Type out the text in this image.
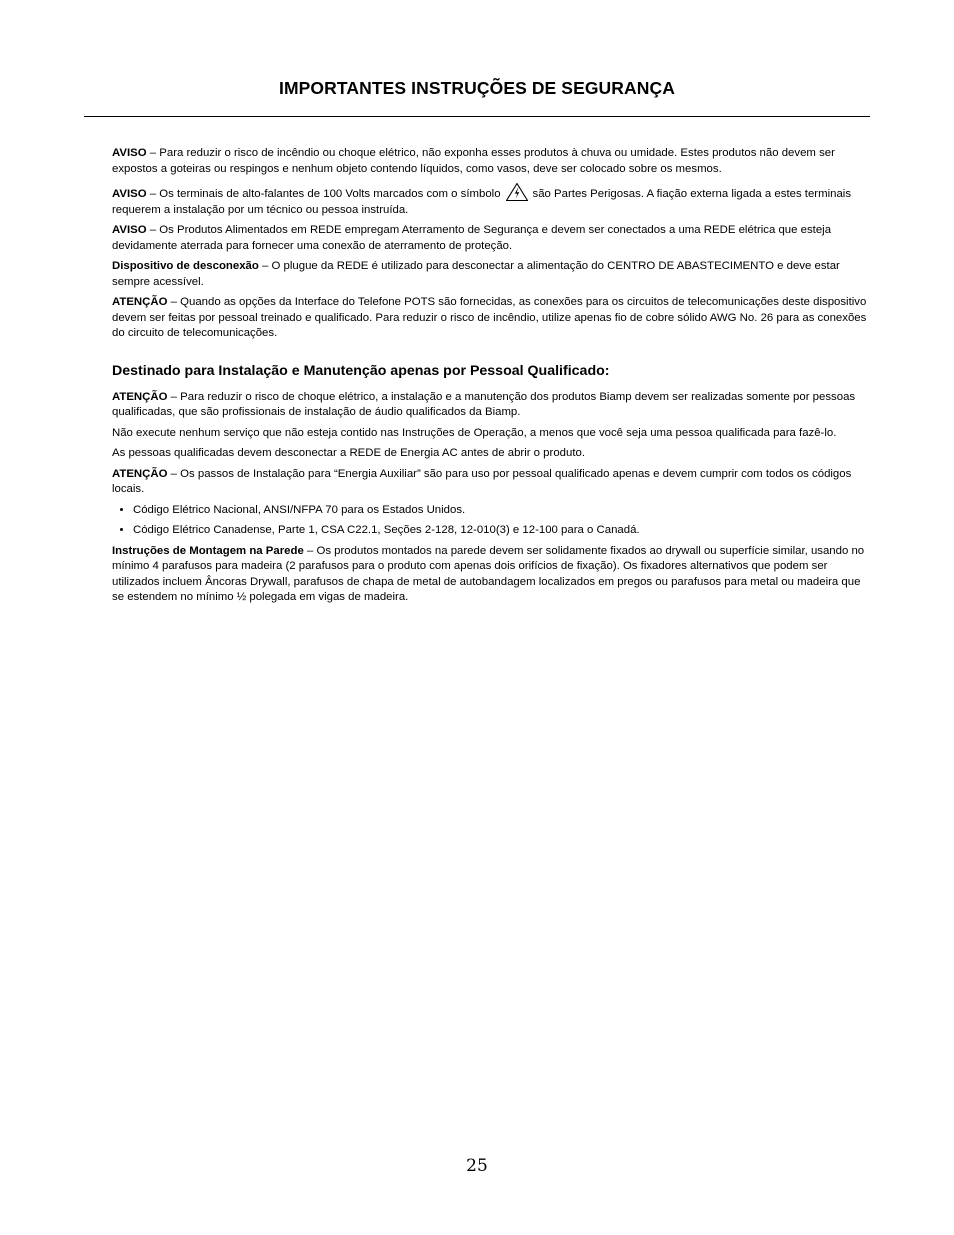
IMPORTANTES INSTRUÇÕES DE SEGURANÇA

AVISO – Para reduzir o risco de incêndio ou choque elétrico, não exponha esses produtos à chuva ou umidade. Estes produtos não devem ser expostos a goteiras ou respingos e nenhum objeto contendo líquidos, como vasos, deve ser colocado sobre os mesmos.

AVISO – Os terminais de alto-falantes de 100 Volts marcados com o símbolo	são Partes Perigosas. A fiação externa ligada a estes terminais requerem a instalação por um técnico ou pessoa instruída.

AVISO – Os Produtos Alimentados em REDE empregam Aterramento de Segurança e devem ser conectados a uma REDE elétrica que esteja devidamente aterrada para fornecer uma conexão de aterramento de proteção.

Dispositivo de desconexão – O plugue da REDE é utilizado para desconectar a alimentação do CENTRO DE ABASTECIMENTO e deve estar sempre acessível.

ATENÇÃO – Quando as opções da Interface do Telefone POTS são fornecidas, as conexões para os circuitos de telecomunicações deste dispositivo devem ser feitas por pessoal treinado e qualificado. Para reduzir o risco de incêndio, utilize apenas fio de cobre sólido AWG No. 26 para as conexões do circuito de telecomunicações.

Destinado para Instalação e Manutenção apenas por Pessoal Qualificado:

ATENÇÃO – Para reduzir o risco de choque elétrico, a instalação e a manutenção dos produtos Biamp devem ser realizadas somente por pessoas qualificadas, que são profissionais de instalação de áudio qualificados da Biamp.

Não execute nenhum serviço que não esteja contido nas Instruções de Operação, a menos que você seja uma pessoa qualificada para fazê-lo.

As pessoas qualificadas devem desconectar a REDE de Energia AC antes de abrir o produto.

ATENÇÃO – Os passos de Instalação para “Energia Auxiliar” são para uso por pessoal qualificado apenas e devem cumprir com todos os códigos locais.

• Código Elétrico Nacional, ANSI/NFPA 70 para os Estados Unidos.
• Código Elétrico Canadense, Parte 1, CSA C22.1, Seções 2-128, 12-010(3) e 12-100 para o Canadá.

Instruções de Montagem na Parede – Os produtos montados na parede devem ser solidamente fixados ao drywall ou superfície similar, usando no mínimo 4 parafusos para madeira (2 parafusos para o produto com apenas dois orifícios de fixação). Os fixadores alternativos que podem ser utilizados incluem Âncoras Drywall, parafusos de chapa de metal de autobandagem localizados em pregos ou parafusos para metal ou madeira que se estendem no mínimo ½ polegada em vigas de madeira.

25
